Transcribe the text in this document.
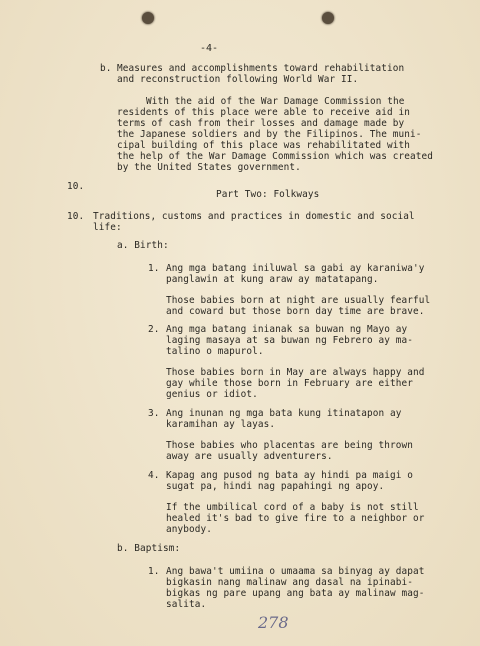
-4-
b. Measures and accomplishments toward rehabilitation
and reconstruction following World War II.
With the aid of the War Damage Commission the
residents of this place were able to receive aid in
terms of cash from their losses and damage made by
the Japanese soldiers and by the Filipinos. The muni-
cipal building of this place was rehabilitated with
the help of the War Damage Commission which was created
by the United States government.
10.
Part Two: Folkways
10. Traditions, customs and practices in domestic and social
life:
a. Birth:
1. Ang mga batang iniluwal sa gabi ay karaniwa'y
panglawin at kung araw ay matatapang.
Those babies born at night are usually fearful
and coward but those born day time are brave.
2. Ang mga batang inianak sa buwan ng Mayo ay
laging masaya at sa buwan ng Febrero ay ma-
talino o mapurol.
Those babies born in May are always happy and
gay while those born in February are either
genius or idiot.
3. Ang inunan ng mga bata kung itinatapon ay
karamihan ay layas.
Those babies who placentas are being thrown
away are usually adventurers.
4. Kapag ang pusod ng bata ay hindi pa maigi o
sugat pa, hindi nag papahingi ng apoy.
If the umbilical cord of a baby is not still
healed it's bad to give fire to a neighbor or
anybody.
b. Baptism:
1. Ang bawa't umiina o umaama sa binyag ay dapat
bigkasin nang malinaw ang dasal na ipinabi-
bigkas ng pare upang ang bata ay malinaw mag-
salita.
278
